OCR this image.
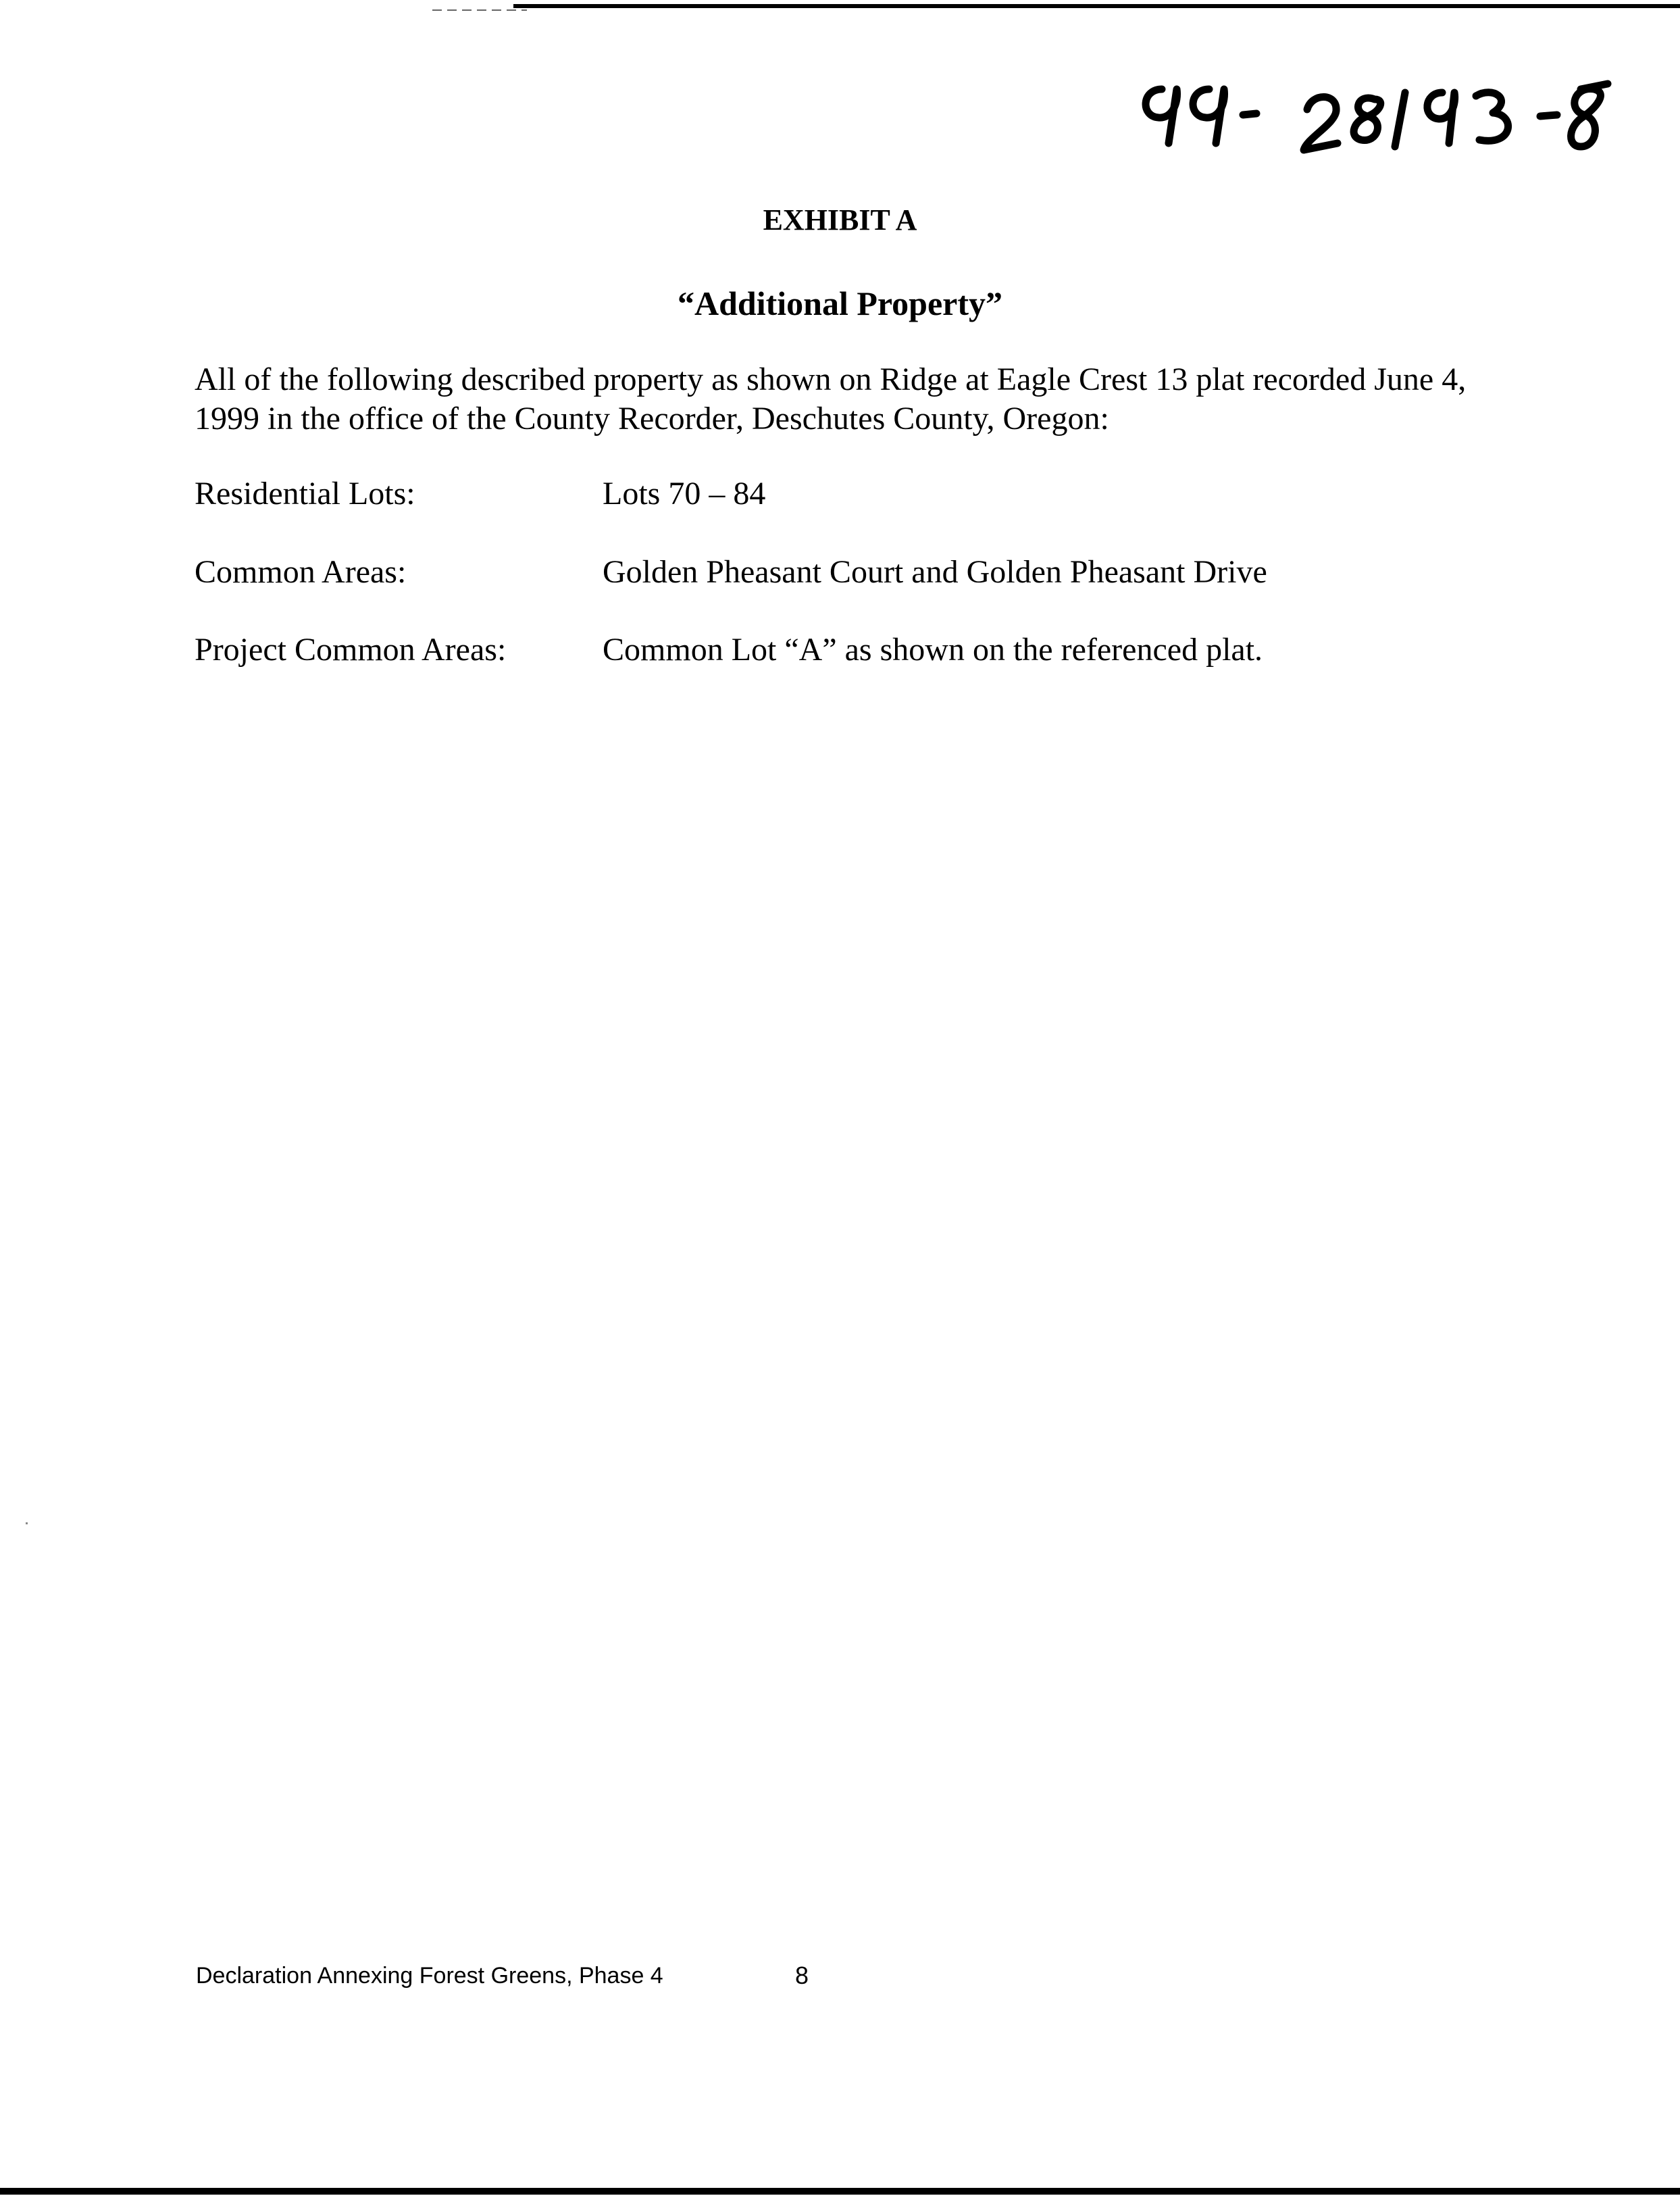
EXHIBIT A
“Additional Property”
All of the following described property as shown on Ridge at Eagle Crest 13 plat recorded June 4, 1999 in the office of the County Recorder, Deschutes County, Oregon:
Residential Lots:	Lots 70 – 84
Common Areas:	Golden Pheasant Court and Golden Pheasant Drive
Project Common Areas:	Common Lot “A” as shown on the referenced plat.
Declaration Annexing Forest Greens, Phase 4	8
